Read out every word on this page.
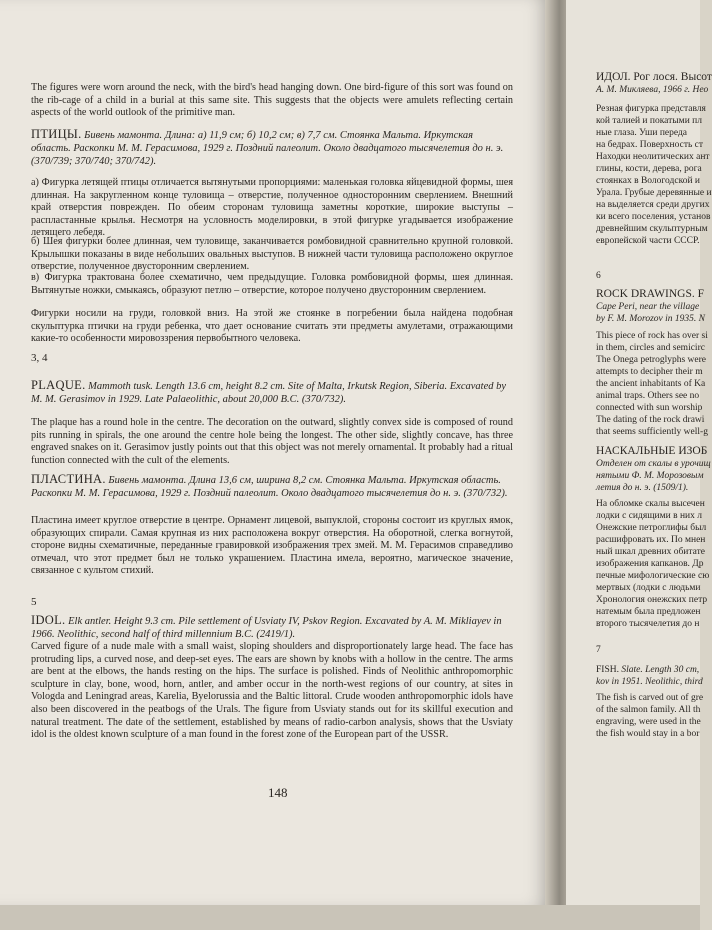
The figures were worn around the neck, with the bird's head hanging down. One bird-figure of this sort was found on the rib-cage of a child in a burial at this same site. This suggests that the objects were amulets reflecting certain aspects of the world outlook of the primitive man.

ПТИЦЫ. Бивень мамонта. Длина: а) 11,9 см; б) 10,2 см; в) 7,7 см. Стоянка Мальта. Иркутская область. Раскопки М. М. Герасимова, 1929 г. Поздний палеолит. Около двадцатого тысячелетия до н. э. (370/739; 370/740; 370/742).

а) Фигурка летящей птицы отличается вытянутыми пропорциями: маленькая головка яйцевидной формы, шея длинная. На закругленном конце туловища – отверстие, полученное односторонним сверлением. Внешний край отверстия поврежден. По обеим сторонам туловища заметны короткие, широкие выступы – распластанные крылья. Несмотря на условность моделировки, в этой фигурке угадывается изображение летящего лебедя.

б) Шея фигурки более длинная, чем туловище, заканчивается ромбовидной сравнительно крупной головкой. Крылышки показаны в виде небольших овальных выступов. В нижней части туловища расположено округлое отверстие, полученное двусторонним сверлением.

в) Фигурка трактована более схематично, чем предыдущие. Головка ромбовидной формы, шея длинная. Вытянутые ножки, смыкаясь, образуют петлю – отверстие, которое получено двусторонним сверлением.

Фигурки носили на груди, головкой вниз. На этой же стоянке в погребении была найдена подобная скульптурка птички на груди ребенка, что дает основание считать эти предметы амулетами, отражающими какие-то особенности мировоззрения первобытного человека.

3, 4

PLAQUE. Mammoth tusk. Length 13.6 cm, height 8.2 cm. Site of Malta, Irkutsk Region, Siberia. Excavated by M. M. Gerasimov in 1929. Late Palaeolithic, about 20,000 B.C. (370/732).

The plaque has a round hole in the centre. The decoration on the outward, slightly convex side is composed of round pits running in spirals, the one around the centre hole being the longest. The other side, slightly concave, has three engraved snakes on it. Gerasimov justly points out that this object was not merely ornamental. It probably had a ritual function connected with the cult of the elements.

ПЛАСТИНА. Бивень мамонта. Длина 13,6 см, ширина 8,2 см. Стоянка Мальта. Иркутская область. Раскопки М. М. Герасимова, 1929 г. Поздний палеолит. Около двадцатого тысячелетия до н. э. (370/732).

Пластина имеет круглое отверстие в центре. Орнамент лицевой, выпуклой, стороны состоит из круглых ямок, образующих спирали. Самая крупная из них расположена вокруг отверстия. На оборотной, слегка вогнутой, стороне видны схематичные, переданные гравировкой изображения трех змей. М. М. Герасимов справедливо отмечал, что этот предмет был не только украшением. Пластина имела, вероятно, магическое значение, связанное с культом стихий.

5

IDOL. Elk antler. Height 9.3 cm. Pile settlement of Usviaty IV, Pskov Region. Excavated by A. M. Mikliayev in 1966. Neolithic, second half of third millennium B.C. (2419/1).

Carved figure of a nude male with a small waist, sloping shoulders and disproportionately large head. The face has protruding lips, a curved nose, and deep-set eyes. The ears are shown by knobs with a hollow in the centre. The arms are bent at the elbows, the hands resting on the hips. The surface is polished. Finds of Neolithic anthropomorphic sculpture in clay, bone, wood, horn, antler, and amber occur in the north-west regions of our country, at sites in Vologda and Leningrad areas, Karelia, Byelorussia and the Baltic littoral. Crude wooden anthropomorphic idols have also been discovered in the peatbogs of the Urals. The figure from Usviaty stands out for its skillful execution and natural treatment. The date of the settlement, established by means of radio-carbon analysis, shows that the Usviaty idol is the oldest known sculpture of a man found in the forest zone of the European part of the USSR.

148

ИДОЛ. Рог лося. Высот

А. М. Микляева, 1966 г. Нео

Резная фигурка представля

кой талией и покатыми пл

ные глаза. Уши переда

на бедрах. Поверхность ст

Находки неолитических ант

глины, кости, дерева, рога

стоянках в Вологодской и

Урала. Грубые деревянные и

на выделяется среди других

ки всего поселения, установ

древнейшим скульптурным

европейской части СССР.

6

ROCK DRAWINGS. F

Cape Peri, near the village

by F. M. Morozov in 1935. N

This piece of rock has over si

in them, circles and semicirc

The Onega petroglyphs were

attempts to decipher their m

the ancient inhabitants of Ka

animal traps. Others see no

connected with sun worship

The dating of the rock drawi

that seems sufficiently well-g

НАСКАЛЬНЫЕ ИЗОБ

Отделен от скалы в урочищ

нятыми Ф. М. Морозовым

летия до н. э. (1509/1).

На обломке скалы высечен

лодки с сидящими в них л

Онежские петроглифы был

расшифровать их. По мнен

ный шкал древних обитате

изображения капканов. Др

печные мифологические сю

мертвых (лодки с людьми

Хронология онежских петр

натемым была предложен

второго тысячелетия до н

7

FISH. Slate. Length 30 cm,

kov in 1951. Neolithic, third

The fish is carved out of gre

of the salmon family. All th

engraving, were used in the

the fish would stay in a bor
